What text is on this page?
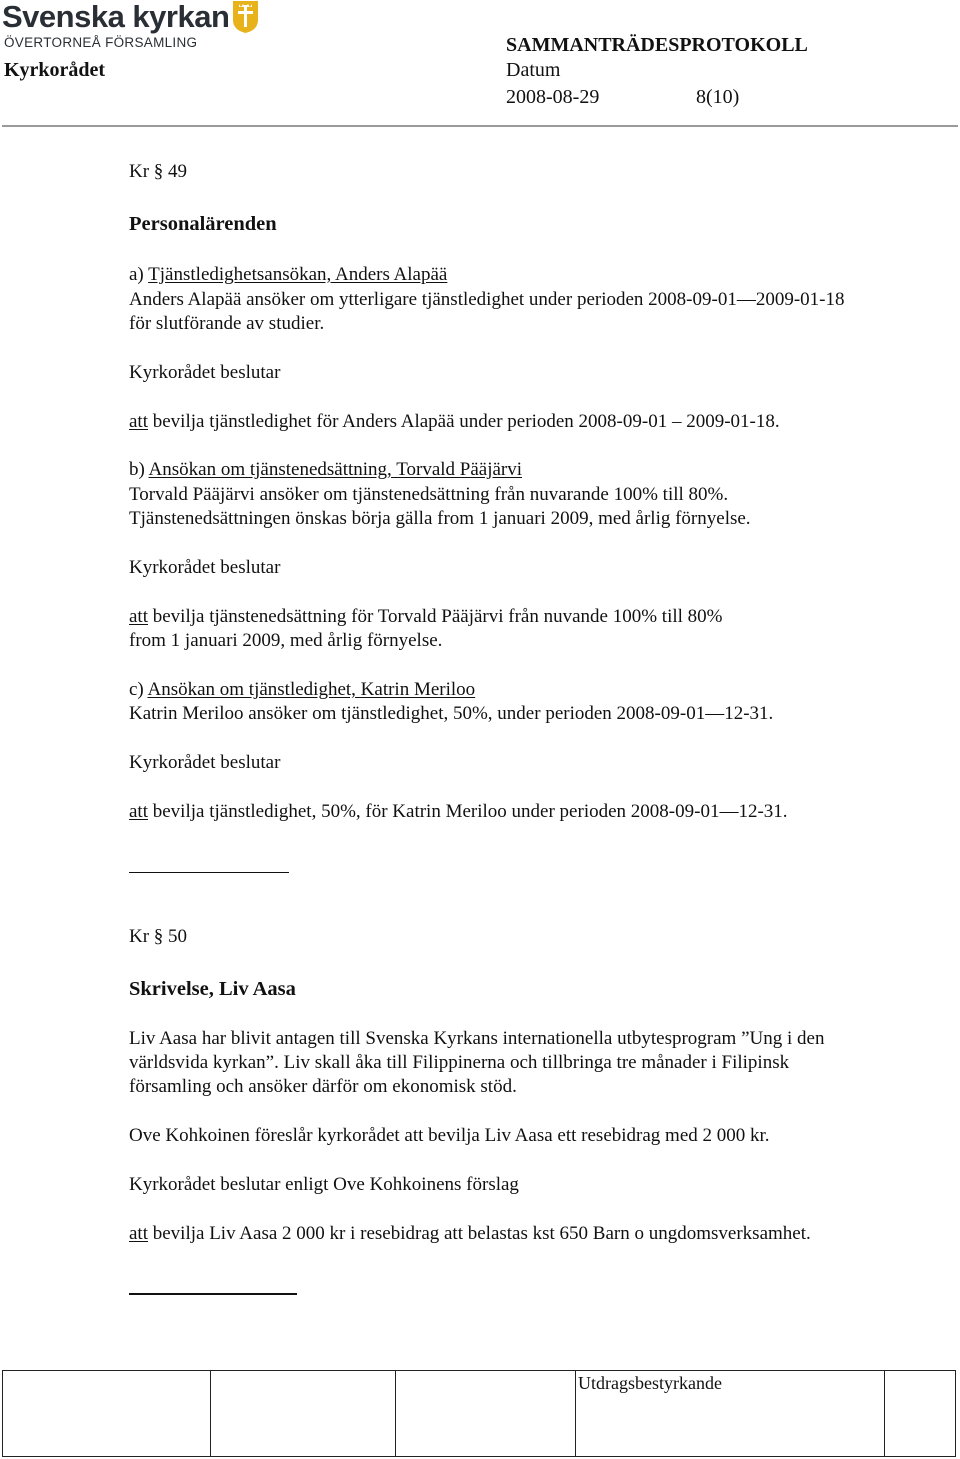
Svenska kyrkan
ÖVERTORNEÅ FÖRSAMLING	SAMMANTRÄDESPROTOKOLL
Kyrkorådet	Datum
2008-08-29	8(10)
Kr § 49
Personalärenden
a) Tjänstledighetsansökan, Anders Alapää
Anders Alapää ansöker om ytterligare tjänstledighet under perioden 2008-09-01—2009-01-18
för slutförande av studier.
Kyrkorådet beslutar
att bevilja tjänstledighet för Anders Alapää under perioden 2008-09-01 – 2009-01-18.
b) Ansökan om tjänstenedsättning, Torvald Pääjärvi
Torvald Pääjärvi ansöker om tjänstenedsättning från nuvarande 100% till 80%.
Tjänstenedsättningen önskas börja gälla from 1 januari 2009, med årlig förnyelse.
Kyrkorådet beslutar
att bevilja tjänstenedsättning för Torvald Pääjärvi från nuvande 100% till 80%
from 1 januari 2009, med årlig förnyelse.
c) Ansökan om tjänstledighet, Katrin Meriloo
Katrin Meriloo ansöker om tjänstledighet, 50%, under perioden 2008-09-01—12-31.
Kyrkorådet beslutar
att bevilja tjänstledighet, 50%, för Katrin Meriloo under perioden 2008-09-01—12-31.
Kr § 50
Skrivelse, Liv Aasa
Liv Aasa har blivit antagen till Svenska Kyrkans internationella utbytesprogram ”Ung i den
världsvida kyrkan”. Liv skall åka till Filippinerna och tillbringa tre månader i Filipinsk
församling och ansöker därför om ekonomisk stöd.
Ove Kohkoinen föreslår kyrkorådet att bevilja Liv Aasa ett resebidrag med 2 000 kr.
Kyrkorådet beslutar enligt Ove Kohkoinens förslag
att bevilja Liv Aasa 2 000 kr i resebidrag att belastas kst 650 Barn o ungdomsverksamhet.
Utdragsbestyrkande
